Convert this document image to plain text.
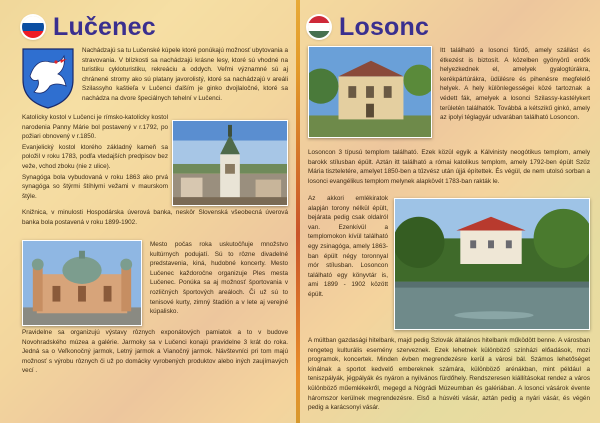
Lučenec
Nachádzajú sa tu Lučenské kúpele ktoré ponúkajú možnosť ubytovania a stravovania. V blízkosti sa nachádzajú krásne lesy, ktoré sú vhodné na turistiku cykloturistiku, rekreáciu a oddych. Veľmi významné sú aj chránené stromy ako sú platany javorolistý, ktoré sa nachádzajú v areáli Szilassyho kaštieľa v Lučenci ďalším je ginko dvojlaločné, ktoré sa nachádza na dvore špeciálnych tehelní v Lučenci.

Katolícky kostol v Lučenci je rímsko-katolícky kostol narodenia Panny Márie bol postavený v r.1792, po požiari obnovený v r.1850.

Evanjelický kostol ktorého základný kameň sa položil v roku 1783, podľa vtedajších predpisov bez veže, vchod zboku (nie z ulice).

Synagóga bola vybudovaná v roku 1863 ako prvá synagóga so štýrmi štíhlymi vežami v maurskom štýle.

Knižnica, v minulosti Hospodárska úverová banka, neskôr Slovenská všeobecná úverová banka bola postavená v roku 1899-1902.
Mesto počas roka uskutočňuje množstvo kultúrnych podujatí. Sú to rôzne divadelné predstavenia, kiná, hudobné koncerty. Mesto Lučenec každoročne organizuje Ples mesta Lučenec. Ponúka sa aj možnosť športovania v rozličných športových areáloch. Či už sú to tenisové kurty, zimný štadión a v lete aj verejné kúpalisko.
Pravidelne sa organizujú výstavy rôznych exponátových pamiatok a to v budove Novohradského múzea a galérie. Jarmoky sa v Lučenci konajú pravidelne 3 krát do roka. Jedná sa o Veľkonočný jarmok, Letný jarmok a Vianočný jarmok. Návštevníci pri tom majú možnosť s výrobu rôznych či už po domácky vyrobených produktov alebo iných zaujímavých vecí .
Losonc
Itt található a losonci fürdő, amely szállást és étkezést is biztosít. A közelben gyönyörű erdők helyezkednek el, amelyek gyalogtúrákra, kerékpártúrákra, üdülésre és pihenésre megfelelő helyek. A hely különlegességei közé tartoznak a védett fák, amelyek a losonci Szilassy-kastélykert területén találhatók. Továbbá a kétszikű ginkó, amely az ipolyi téglagyár udvarában található Losoncon.
Losoncon 3 típusú templom található. Ezek közül egyik a Kálvinisty neogótikus templom, amely barokk stílusban épült. Aztán itt található a római katolikus templom, amely 1792-ben épült Szűz Mária tiszteletére, amelyet 1850-ben a tűzvész után újjá építettek. És végül, de nem utolsó sorban a losonci evangélikus templom melynek alapkövét 1783-ban rakták le.
Az akkori emlékiratok alapján torony nélkül épült, bejárata pedig csak oldalról van. Ezenkívül a templomokon kívül található egy zsinagóga, amely 1863-ban épült négy toronnyal mór stílusban. Losoncon található egy könyvtár is, ami 1899 - 1902 között épült.
A múltban gazdasági hitelbank, majd pedig Szlovák általános hitelbank működött benne. A városban rengeteg kulturális esemény szerveznek. Ezek lehetnek különböző színházi előadások, mozi programok, koncertek. Minden évben megrendezésre kerül a városi bál. Számos lehetőséget kínálnak a sportot kedvelő embereknek számára, különböző arénákban, mint például a teniszpályák, jégpályák és nyáron a nyilvános fürdőhely. Rendszeresen kiállításokat rendez a város különböző műemlékekről, megegd a Nógrádi Múzeumban és galériában. A losonci vásárok évente háromszor kerülnek megrendezésre. Első a húsvéti vásár, aztán pedig a nyári vásár, és végén pedig a karácsonyi vásár.
